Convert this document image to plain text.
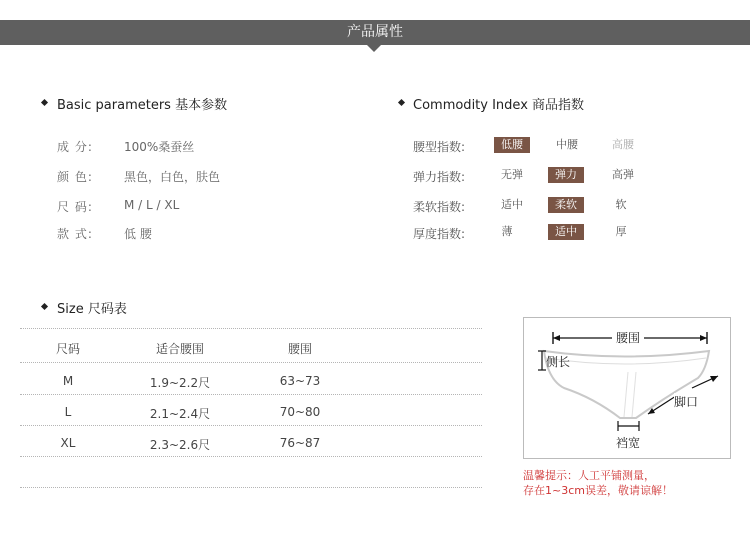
产品属性
Basic parameters 基本参数
成 分:	100%桑蚕丝
颜 色:	黑色，白色，肤色
尺 码:	M / L / XL
款 式:	低 腰
Commodity Index 商品指数
腰型指数:	低腰	中腰	高腰
弹力指数:	无弹	弹力	高弹
柔软指数:	适中	柔软	软
厚度指数:	薄	适中	厚
Size 尺码表
尺码	适合腰围	腰围
M	1.9~2.2尺	63~73
L	2.1~2.4尺	70~80
XL	2.3~2.6尺	76~87
腰围
侧长
脚口
裆宽
温馨提示：人工平铺测量，
存在1~3cm误差，敬请谅解！
